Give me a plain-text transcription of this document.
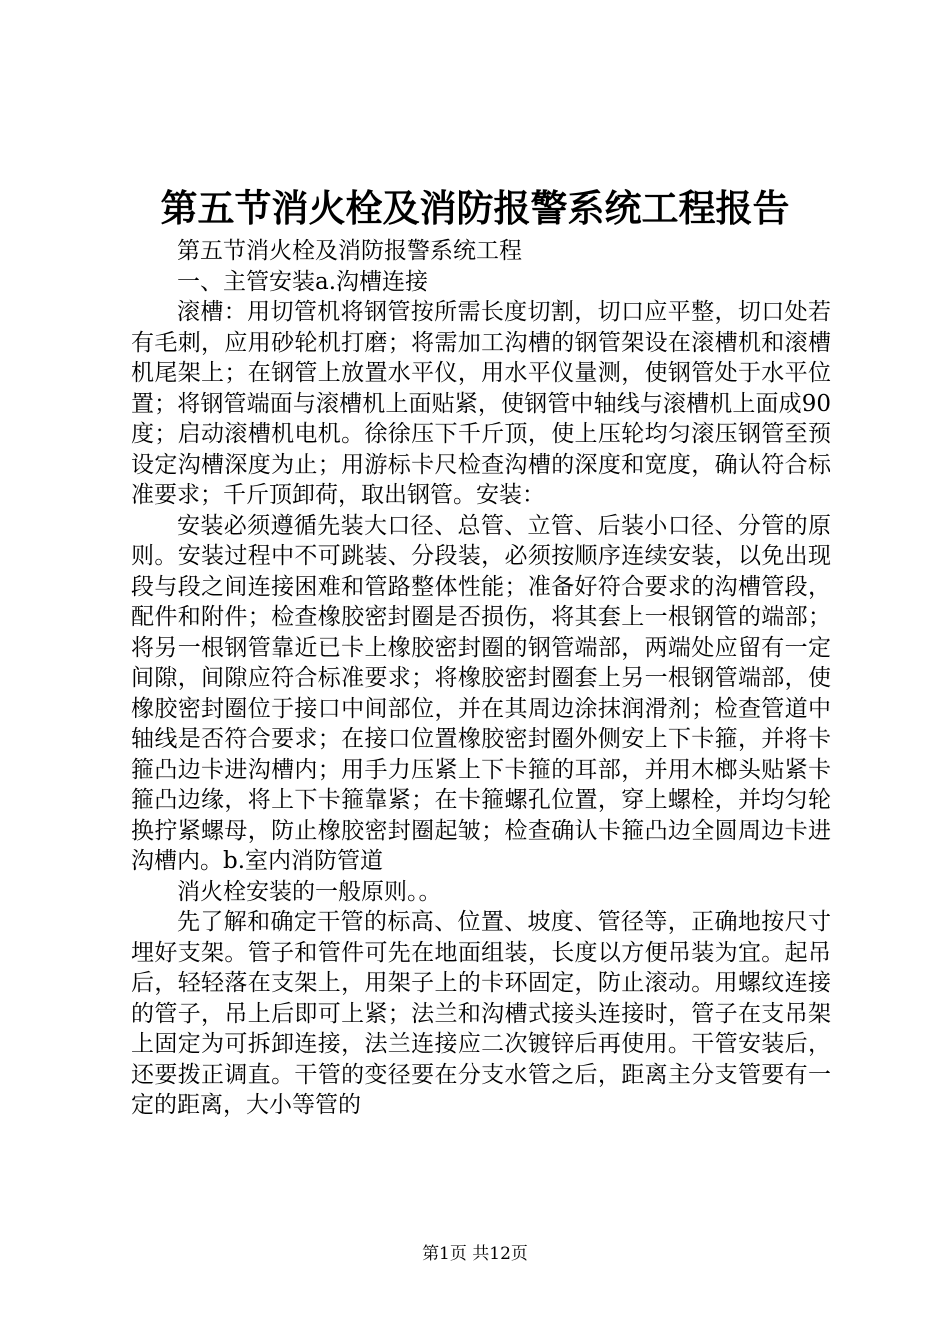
第五节消火栓及消防报警系统工程报告

第五节消火栓及消防报警系统工程

一、主管安装a.沟槽连接

滚槽：用切管机将钢管按所需长度切割，切口应平整，切口处若有毛刺，应用砂轮机打磨；将需加工沟槽的钢管架设在滚槽机和滚槽机尾架上；在钢管上放置水平仪，用水平仪量测，使钢管处于水平位置；将钢管端面与滚槽机上面贴紧，使钢管中轴线与滚槽机上面成90度；启动滚槽机电机。徐徐压下千斤顶，使上压轮均匀滚压钢管至预设定沟槽深度为止；用游标卡尺检查沟槽的深度和宽度，确认符合标准要求；千斤顶卸荷，取出钢管。安装：

安装必须遵循先装大口径、总管、立管、后装小口径、分管的原则。安装过程中不可跳装、分段装，必须按顺序连续安装，以免出现段与段之间连接困难和管路整体性能；准备好符合要求的沟槽管段，配件和附件；检查橡胶密封圈是否损伤，将其套上一根钢管的端部；将另一根钢管靠近已卡上橡胶密封圈的钢管端部，两端处应留有一定间隙，间隙应符合标准要求；将橡胶密封圈套上另一根钢管端部，使橡胶密封圈位于接口中间部位，并在其周边涂抹润滑剂；检查管道中轴线是否符合要求；在接口位置橡胶密封圈外侧安上下卡箍，并将卡箍凸边卡进沟槽内；用手力压紧上下卡箍的耳部，并用木榔头贴紧卡箍凸边缘，将上下卡箍靠紧；在卡箍螺孔位置，穿上螺栓，并均匀轮换拧紧螺母，防止橡胶密封圈起皱；检查确认卡箍凸边全圆周边卡进沟槽内。b.室内消防管道

消火栓安装的一般原则。。

先了解和确定干管的标高、位置、坡度、管径等，正确地按尺寸埋好支架。管子和管件可先在地面组装，长度以方便吊装为宜。起吊后，轻轻落在支架上，用架子上的卡环固定，防止滚动。用螺纹连接的管子，吊上后即可上紧；法兰和沟槽式接头连接时，管子在支吊架上固定为可拆卸连接，法兰连接应二次镀锌后再使用。干管安装后，还要拨正调直。干管的变径要在分支水管之后，距离主分支管要有一定的距离，大小等管的

第1页 共12页
